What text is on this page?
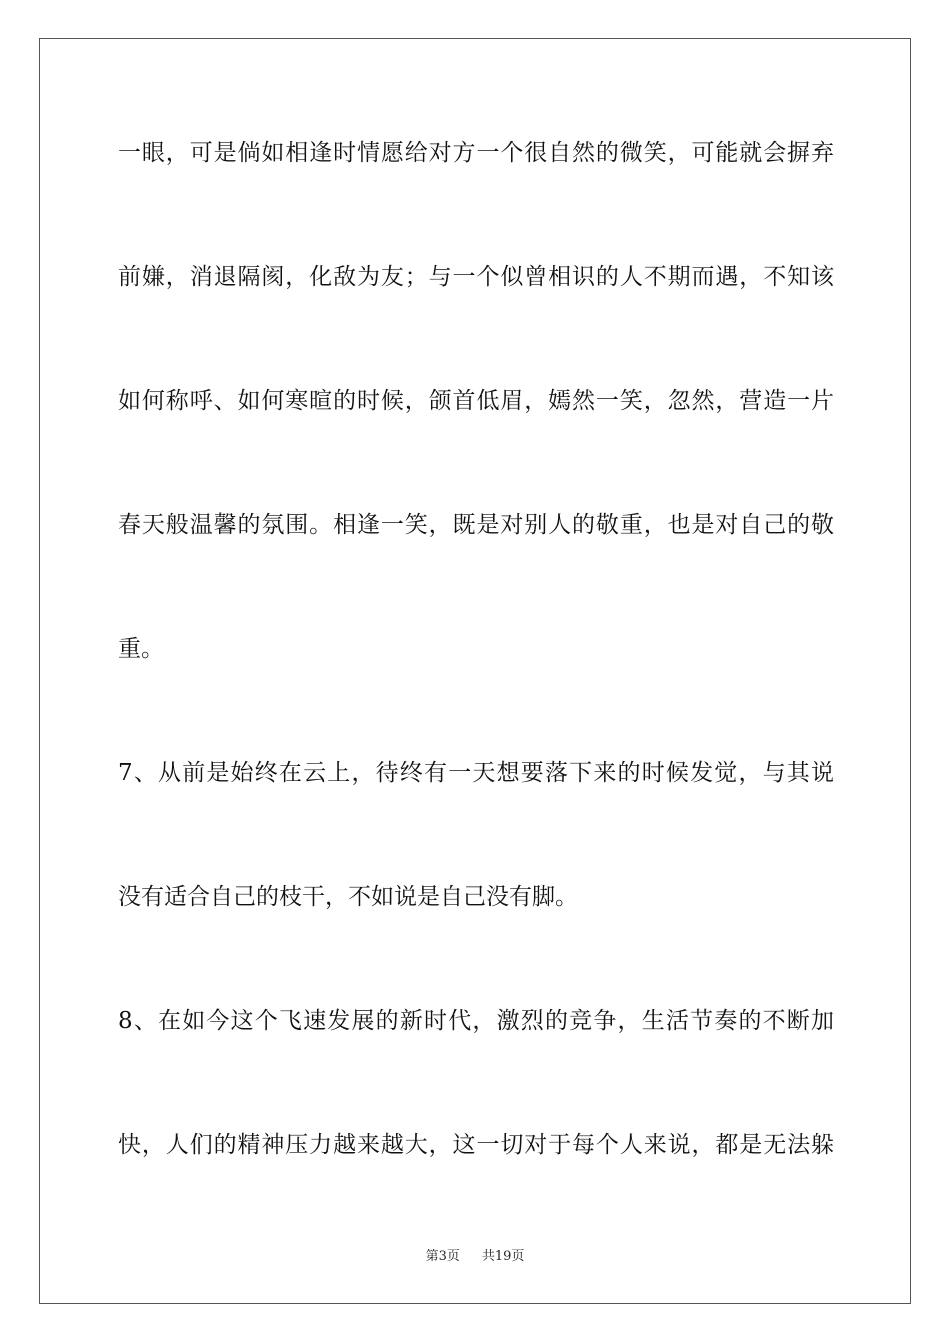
一眼，可是倘如相逢时情愿给对方一个很自然的微笑，可能就会摒弃
前嫌，消退隔阂，化敌为友；与一个似曾相识的人不期而遇，不知该
如何称呼、如何寒暄的时候，颌首低眉，嫣然一笑，忽然，营造一片
春天般温馨的氛围。相逢一笑，既是对别人的敬重，也是对自己的敬
重。
7、从前是始终在云上，待终有一天想要落下来的时候发觉，与其说
没有适合自己的枝干，不如说是自己没有脚。
8、在如今这个飞速发展的新时代，激烈的竞争，生活节奏的不断加
快，人们的精神压力越来越大，这一切对于每个人来说，都是无法躲
第3页 共19页
